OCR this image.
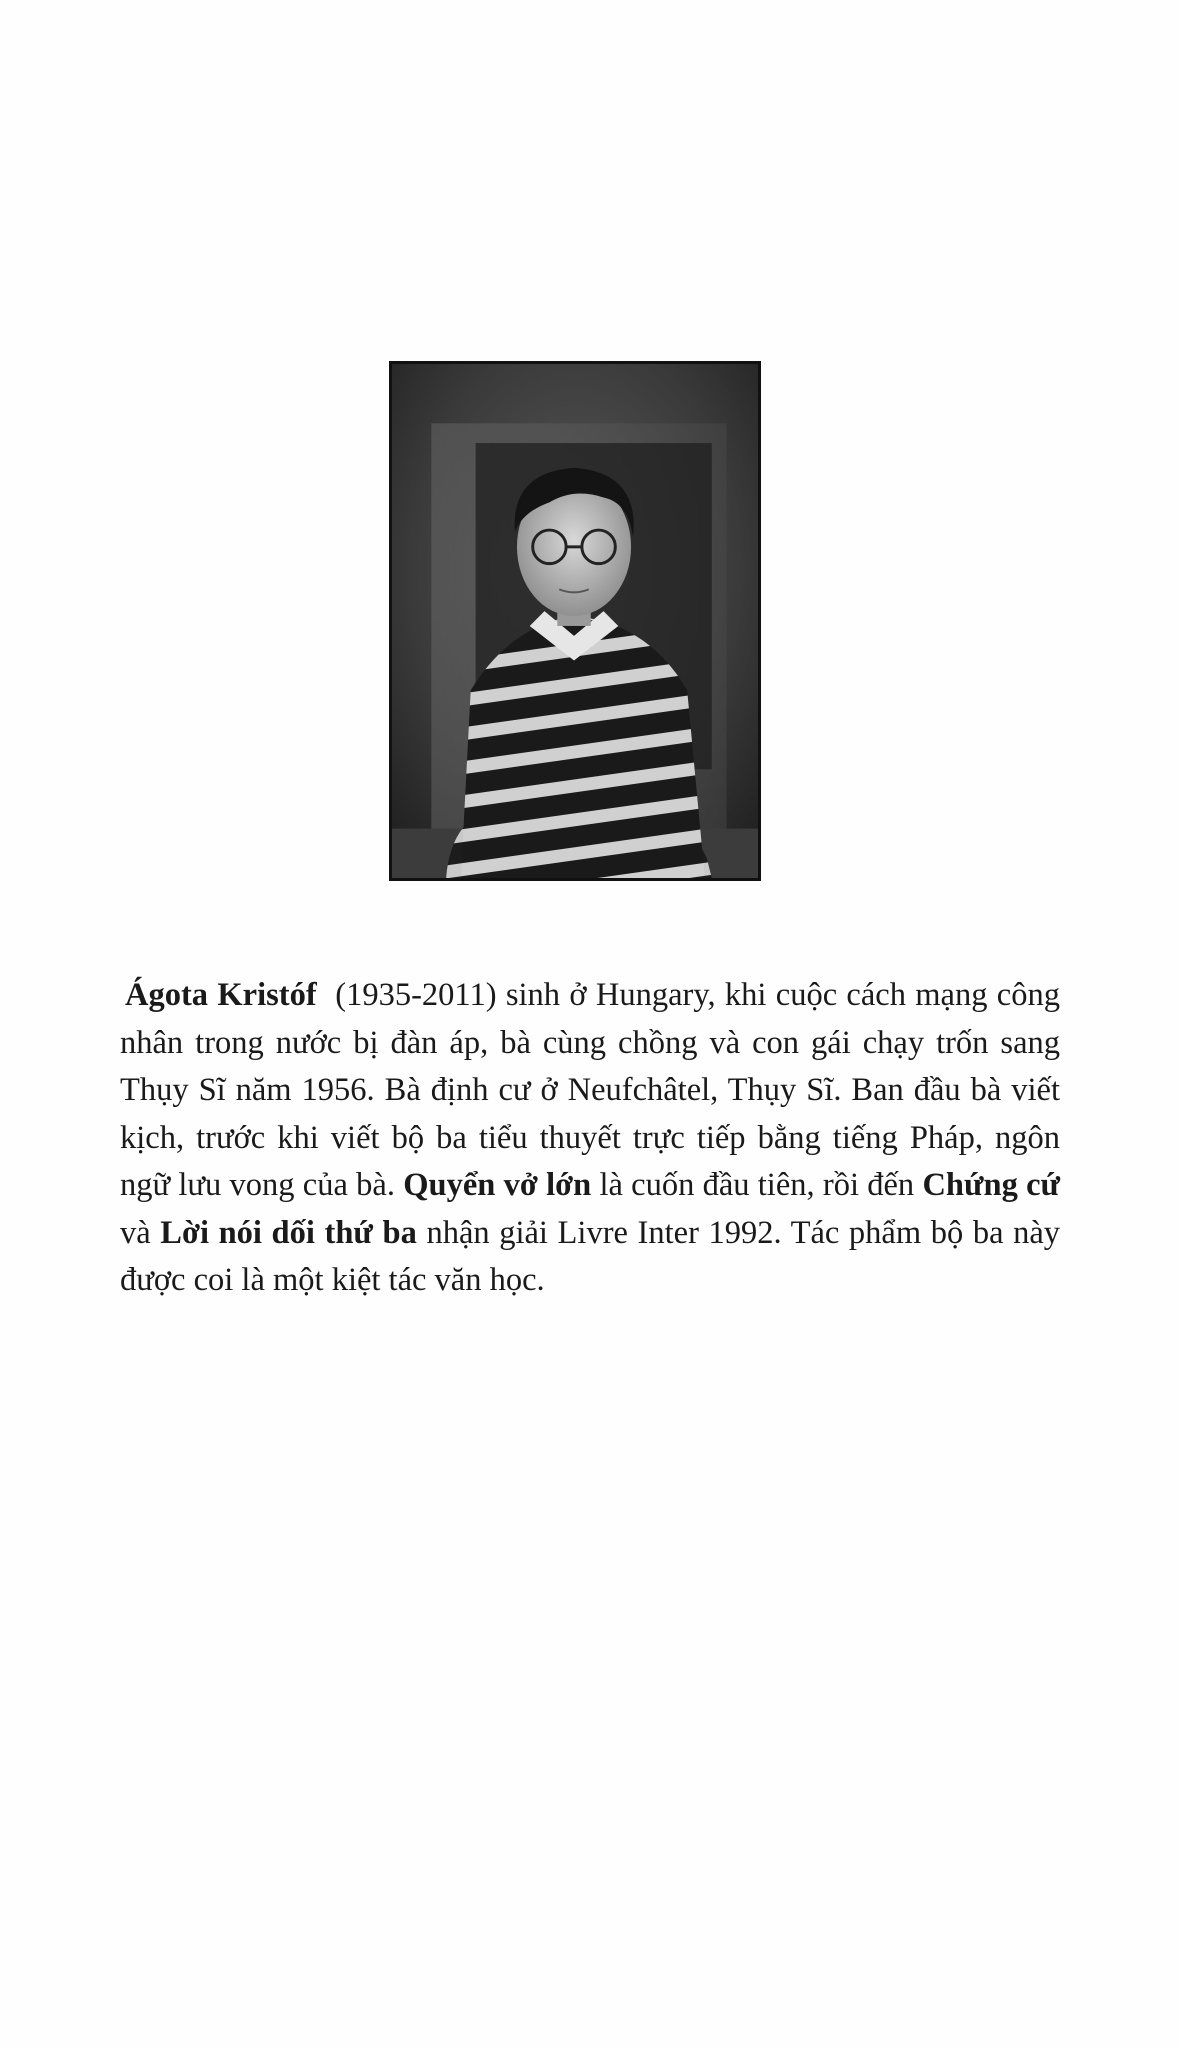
Ágota Kristóf (1935-2011) sinh ở Hungary, khi cuộc cách mạng công
nhân trong nước bị đàn áp, bà cùng chồng và con gái chạy trốn sang
Thụy Sĩ năm 1956. Bà định cư ở Neufchâtel, Thụy Sĩ. Ban đầu bà viết
kịch, trước khi viết bộ ba tiểu thuyết trực tiếp bằng tiếng Pháp, ngôn
ngữ lưu vong của bà. Quyển vở lớn là cuốn đầu tiên, rồi đến Chứng cứ
và Lời nói dối thứ ba nhận giải Livre Inter 1992. Tác phẩm bộ ba này
được coi là một kiệt tác văn học.
